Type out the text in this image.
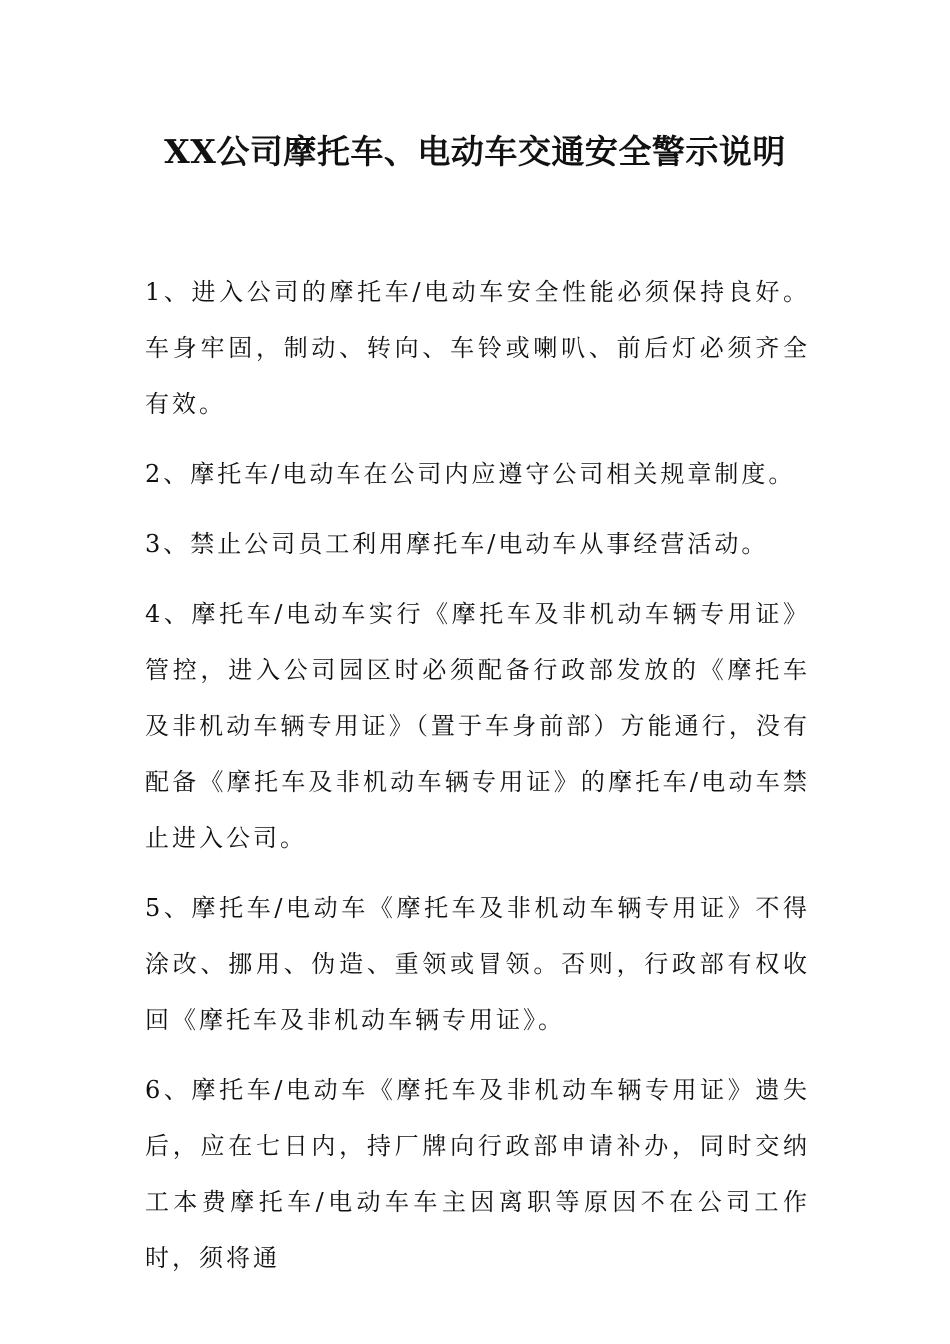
XX公司摩托车、电动车交通安全警示说明

1、进入公司的摩托车/电动车安全性能必须保持良好。车身牢固，制动、转向、车铃或喇叭、前后灯必须齐全有效。

2、摩托车/电动车在公司内应遵守公司相关规章制度。

3、禁止公司员工利用摩托车/电动车从事经营活动。

4、摩托车/电动车实行《摩托车及非机动车辆专用证》管控，进入公司园区时必须配备行政部发放的《摩托车及非机动车辆专用证》（置于车身前部）方能通行，没有配备《摩托车及非机动车辆专用证》的摩托车/电动车禁止进入公司。

5、摩托车/电动车《摩托车及非机动车辆专用证》不得涂改、挪用、伪造、重领或冒领。否则，行政部有权收回《摩托车及非机动车辆专用证》。

6、摩托车/电动车《摩托车及非机动车辆专用证》遗失后，应在七日内，持厂牌向行政部申请补办，同时交纳工本费摩托车/电动车车主因离职等原因不在公司工作时，须将通
